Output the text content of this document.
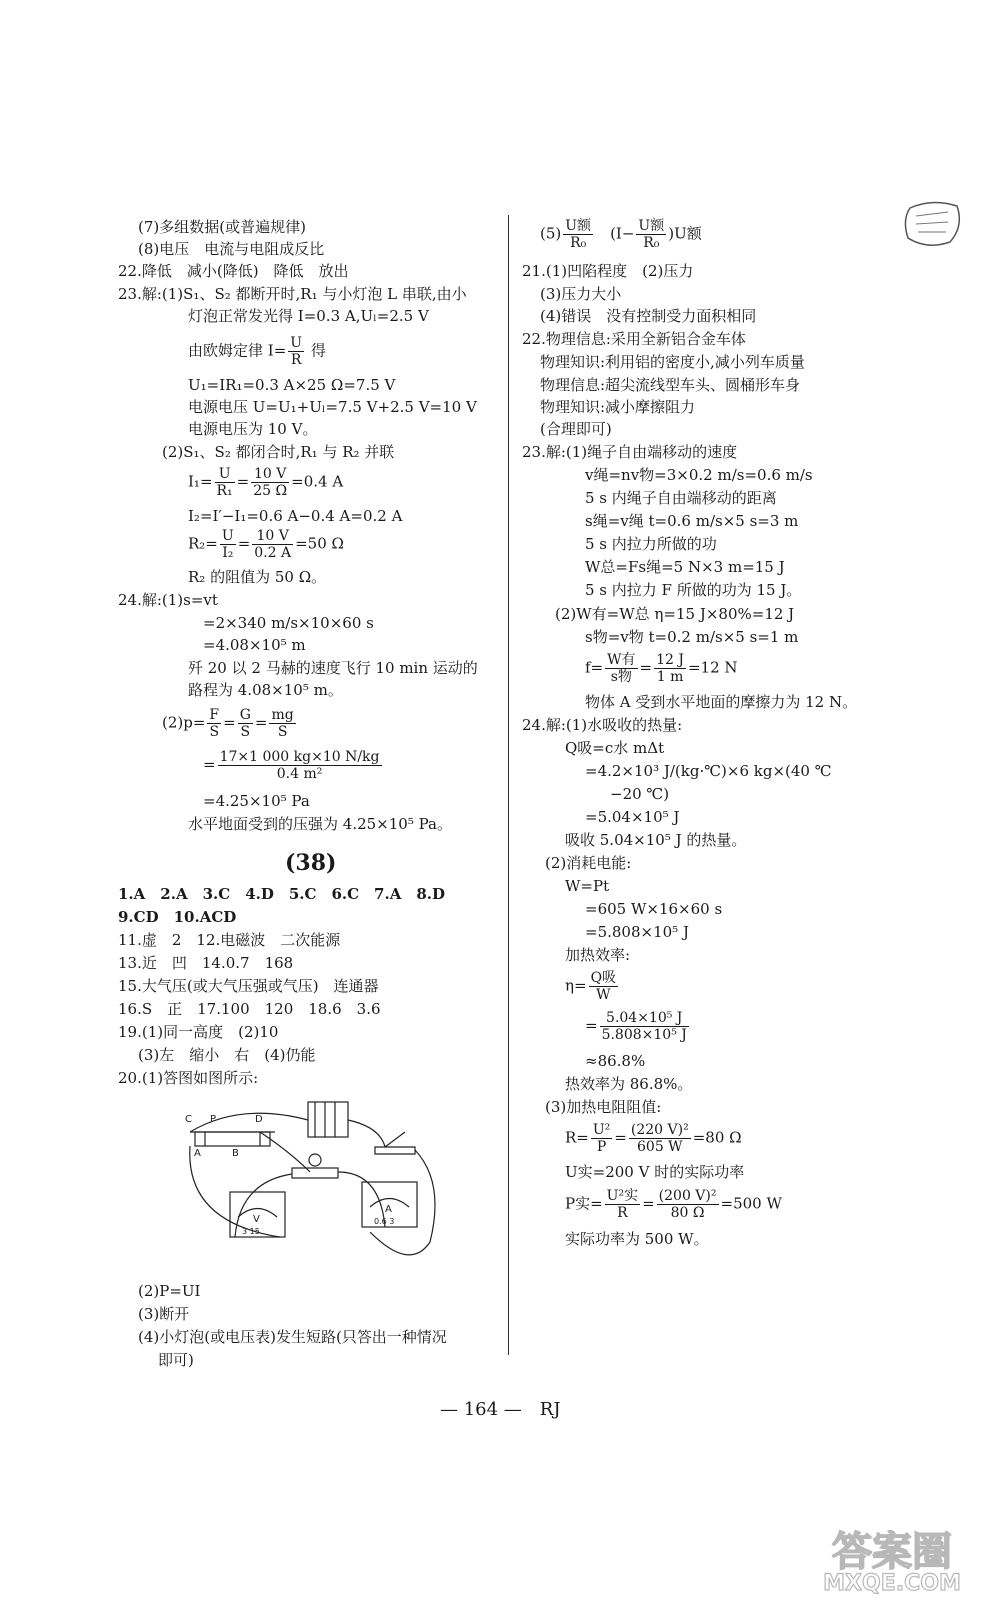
(7)多组数据(或普遍规律)
(8)电压　电流与电阻成反比
22.降低　减小(降低)　降低　放出
23.解:(1)S₁、S₂ 都断开时,R₁ 与小灯泡 L 串联,由小
灯泡正常发光得 I=0.3 A,Uₗ=2.5 V
由欧姆定律 $I= \frac{U}{R}$ 得
U₁=IR₁=0.3 A×25 Ω=7.5 V
电源电压 U=U₁+Uₗ=7.5 V+2.5 V=10 V
电源电压为 10 V。
(2)S₁、S₂ 都闭合时,R₁ 与 R₂ 并联
$I_1= \frac{U}{\text{R₁}} = \frac{10 V}{25 \Omega} =0.4$ A
I₂=I′−I₁=0.6 A−0.4 A=0.2 A
$R_2= \frac{U}{\text{I₂}} = \frac{10 V}{0.2 A} =50$ Ω
R₂ 的阻值为 50 Ω。
24.解:(1)s=vt
=2×340 m/s×10×60 s
=4.08×10⁵ m
歼 20 以 2 马赫的速度飞行 10 min 运动的
路程为 4.08×10⁵ m。
$(2)p= \frac{F}{S} = \frac{G}{S} = \frac{mg}{S}$
= $\frac{17\times 1 000 kg\times 10 N/kg}{\text{0.4 m²}}$
=4.25×10⁵ Pa
水平地面受到的压强为 4.25×10⁵ Pa。
(38)
1.A　2.A　3.C　4.D　5.C　6.C　7.A　8.D
9.CD　10.ACD
11.虚　2　12.电磁波　二次能源
13.近　凹　14.0.7　168
15.大气压(或大气压强或气压)　连通器
16.S　正　17.100　120　18.6　3.6
19.(1)同一高度　(2)10
(3)左　缩小　右　(4)仍能
20.(1)答图如图所示:
C P	D
A	B
V
A
3 15
0.6 3
(2)P=UI
(3)断开
(4)小灯泡(或电压表)发生短路(只答出一种情况
即可)
$(5) \frac{\text{U额}}{\text{R₀}}$ 　$(I- \frac{\text{U额}}{\text{R₀}} )U$额
21.(1)凹陷程度　(2)压力
(3)压力大小
(4)错误　没有控制受力面积相同
22.物理信息:采用全新铝合金车体
物理知识:利用铝的密度小,减小列车质量
物理信息:超尖流线型车头、圆桶形车身
物理知识:减小摩擦阻力
(合理即可)
23.解:(1)绳子自由端移动的速度
v绳=nv物=3×0.2 m/s=0.6 m/s
5 s 内绳子自由端移动的距离
s绳=v绳 t=0.6 m/s×5 s=3 m
5 s 内拉力所做的功
W总=Fs绳=5 N×3 m=15 J
5 s 内拉力 F 所做的功为 15 J。
(2)W有=W总 η=15 J×80%=12 J
s物=v物 t=0.2 m/s×5 s=1 m
$f= \frac{\text{W有}}{\text{s物}} = \frac{12 J}{1 m} =12$ N
物体 A 受到水平地面的摩擦力为 12 N。
24.解:(1)水吸收的热量:
Q吸=c水 mΔt
=4.2×10³ J/(kg·℃)×6 kg×(40 ℃
−20 ℃)
=5.04×10⁵ J
吸收 5.04×10⁵ J 的热量。
(2)消耗电能:
W=Pt
=605 W×16×60 s
=5.808×10⁵ J
加热效率:
$\eta= \frac{\text{Q吸}}{W}$
= $\frac{\text{5.04×10⁵ J}}{\text{5.808×10⁵ J}}$
≈86.8%
热效率为 86.8%。
(3)加热电阻阻值:
$R= \frac{\text{U²}}{P} = \frac{\text{(220 V)²}}{605 W} =80$ Ω
U实=200 V 时的实际功率
P实= $\frac{\text{U²实}}{R} = \frac{\text{(200 V)²}}{80 \Omega} =500$ W
实际功率为 500 W。
— 164 —　RJ
答案圈
MXQE.COM
